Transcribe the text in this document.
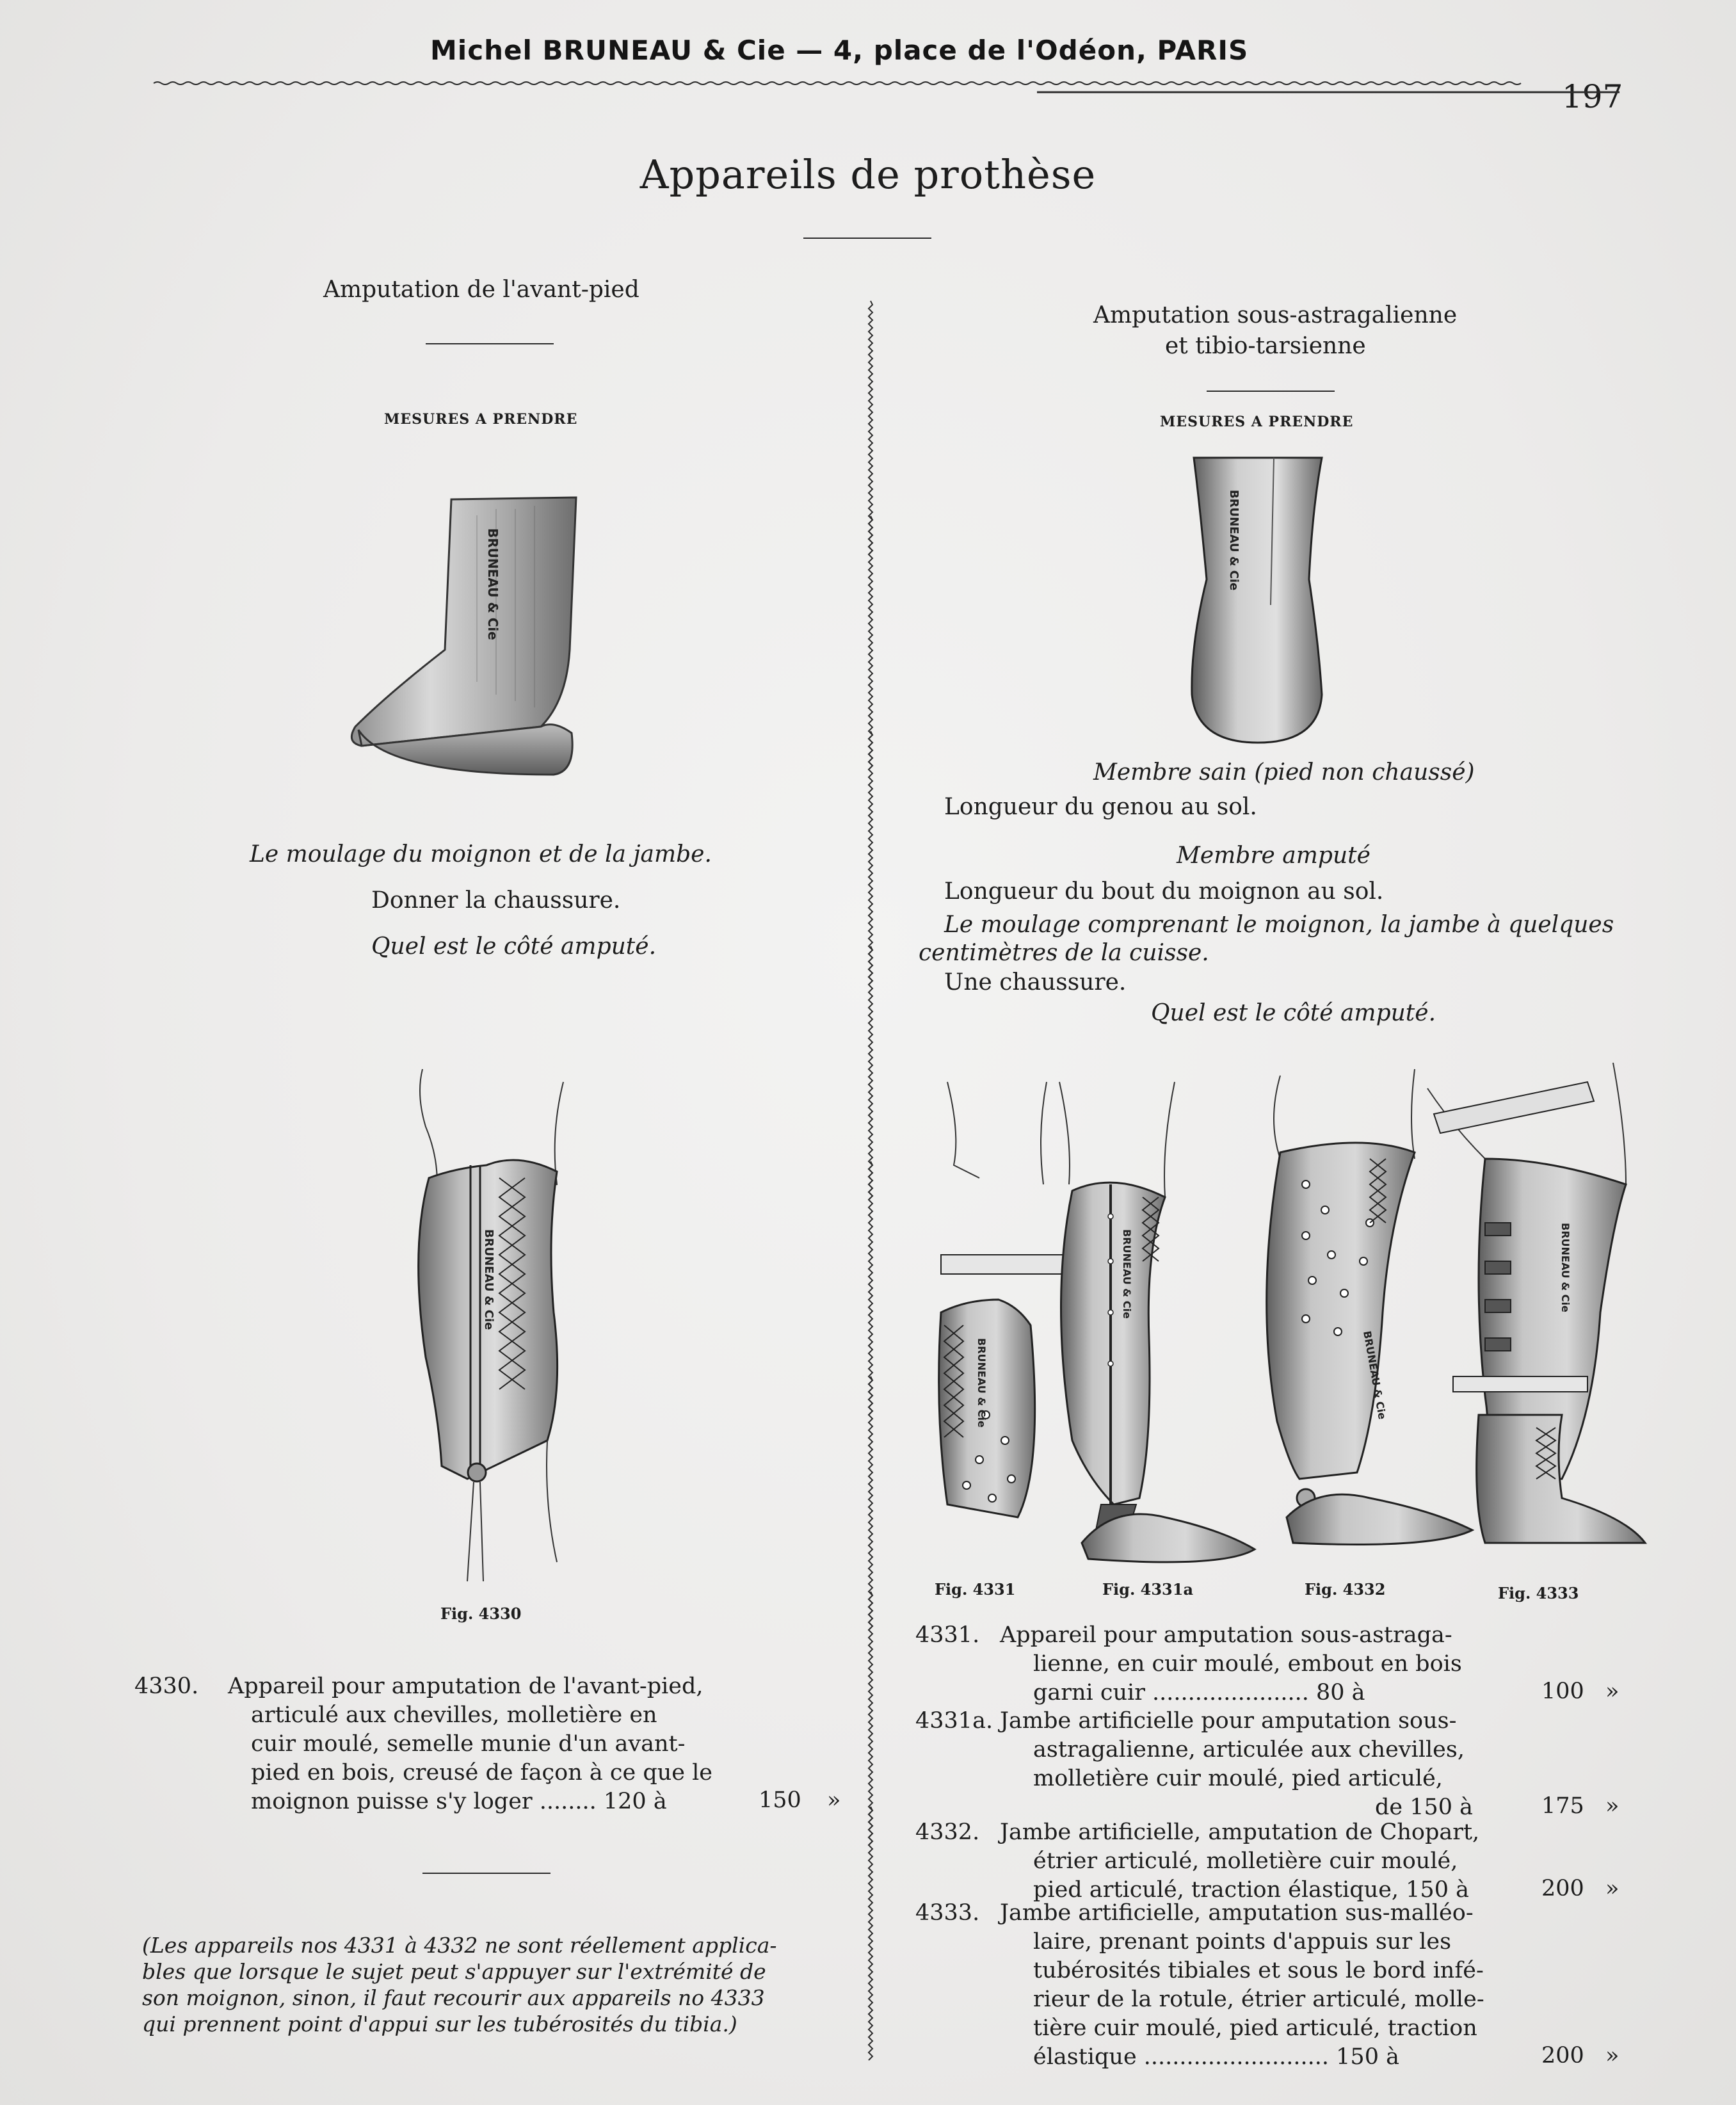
Michel BRUNEAU & Cie — 4, place de l'Odéon, PARIS
197
Appareils de prothèse
Amputation de l'avant-pied
MESURES A PRENDRE
BRUNEAU & Cie
Le moulage du moignon et de la jambe.
Donner la chaussure.
Quel est le côté amputé.
BRUNEAU & Cie
Fig. 4330
4330. Appareil pour amputation de l'avant-pied,
articulé aux chevilles, molletière en
cuir moulé, semelle munie d'un avant-
pied en bois, creusé de façon à ce que le
moignon puisse s'y loger ........ 120 à	150 »
(Les appareils nos 4331 à 4332 ne sont réellement applica-
bles que lorsque le sujet peut s'appuyer sur l'extrémité de
son moignon, sinon, il faut recourir aux appareils no 4333
qui prennent point d'appui sur les tubérosités du tibia.)
Amputation sous-astragalienne
et tibio-tarsienne
MESURES A PRENDRE
BRUNEAU & Cie
Membre sain (pied non chaussé)
Longueur du genou au sol.
Membre amputé
Longueur du bout du moignon au sol.
Le moulage comprenant le moignon, la jambe à quelques
centimètres de la cuisse.
Une chaussure.
Quel est le côté amputé.
BRUNEAU & Cie
BRUNEAU & Cie
BRUNEAU & Cie
BRUNEAU & Cie
Fig. 4331	Fig. 4331a	Fig. 4332	Fig. 4333
4331. Appareil pour amputation sous-astraga-
lienne, en cuir moulé, embout en bois
garni cuir ...................... 80 à	100 »
4331a. Jambe artificielle pour amputation sous-
astragalienne, articulée aux chevilles,
molletière cuir moulé, pied articulé,
de 150 à	175 »
4332. Jambe artificielle, amputation de Chopart,
étrier articulé, molletière cuir moulé,
pied articulé, traction élastique, 150 à	200 »
4333. Jambe artificielle, amputation sus-malléo-
laire, prenant points d'appuis sur les
tubérosités tibiales et sous le bord infé-
rieur de la rotule, étrier articulé, molle-
tière cuir moulé, pied articulé, traction
élastique .......................... 150 à	200 »
